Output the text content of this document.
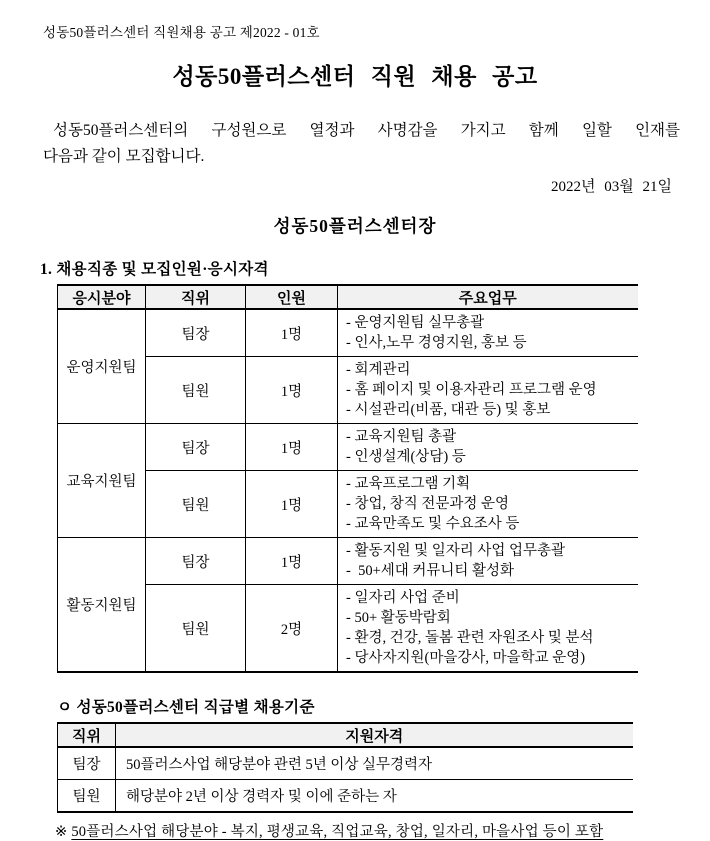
성동50플러스센터 직원채용 공고 제2022 - 01호
성동50플러스센터 직원 채용 공고
성동50플러스센터의 구성원으로 열정과 사명감을 가지고 함께 일할 인재를
다음과 같이 모집합니다.
2022년 03월 21일
성동50플러스센터장
1. 채용직종 및 모집인원·응시자격
응시분야	직위	인원	주요업무
운영지원팀	팀장	1명	- 운영지원팀 실무총괄
- 인사,노무 경영지원, 홍보 등

	팀원	1명	- 회계관리
- 홈 페이지 및 이용자관리 프로그램 운영
- 시설관리(비품, 대관 등) 및 홍보

교육지원팀	팀장	1명	- 교육지원팀 총괄
- 인생설계(상담) 등

	팀원	1명	- 교육프로그램 기획
- 창업, 창직 전문과정 운영
- 교육만족도 및 수요조사 등

활동지원팀	팀장	1명	- 활동지원 및 일자리 사업 업무총괄
-  50+세대 커뮤니티 활성화

	팀원	2명	- 일자리 사업 준비
- 50+ 활동박람회
- 환경, 건강, 돌봄 관련 자원조사 및 분석
- 당사자지원(마을강사, 마을학교 운영)
ㅇ 성동50플러스센터 직급별 채용기준
직위	지원자격
팀장	50플러스사업 해당분야 관련 5년 이상 실무경력자
팀원	해당분야 2년 이상 경력자 및 이에 준하는 자
※ 50플러스사업 해당분야 - 복지, 평생교육, 직업교육, 창업, 일자리, 마을사업 등이 포함
